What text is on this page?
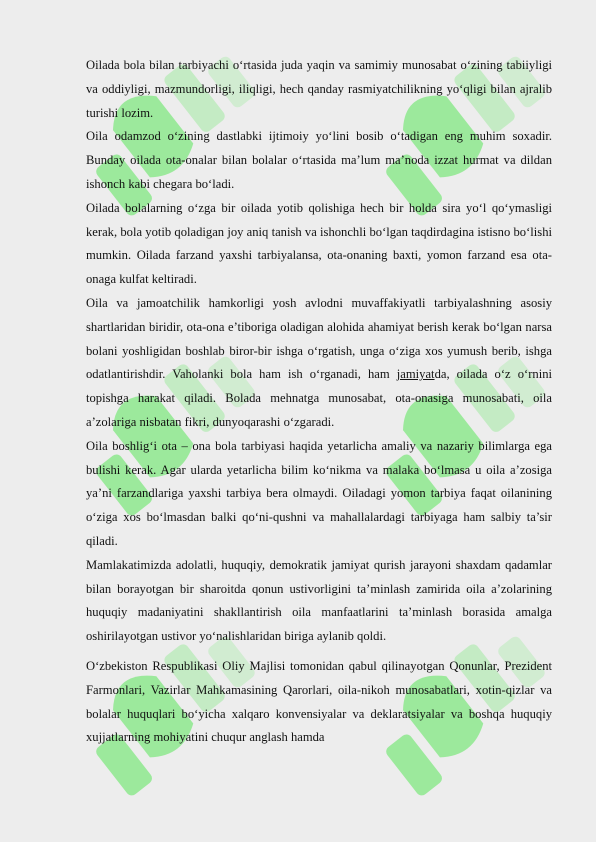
Oilada bola bilan tarbiyachi o‘rtasida juda yaqin va samimiy munosabat o‘zining tabiiyligi va oddiyligi, mazmundorligi, iliqligi, hech qanday rasmiyatchilikning yo‘qligi bilan ajralib turishi lozim.

Oila odamzod o‘zining dastlabki ijtimoiy yo‘lini bosib o‘tadigan eng muhim soxadir. Bunday oilada ota-onalar bilan bolalar o‘rtasida ma’lum ma’noda izzat hurmat va dildan ishonch kabi chegara bo‘ladi.

Oilada bolalarning o‘zga bir oilada yotib qolishiga hech bir holda sira yo‘l qo‘ymasligi kerak, bola yotib qoladigan joy aniq tanish va ishonchli bo‘lgan taqdirdagina istisno bo‘lishi mumkin. Oilada farzand yaxshi tarbiyalansa, ota-onaning baxti, yomon farzand esa ota-onaga kulfat keltiradi.

Oila va jamoatchilik hamkorligi yosh avlodni muvaffakiyatli tarbiyalashning asosiy shartlaridan biridir, ota-ona e’tiboriga oladigan alohida ahamiyat berish kerak bo‘lgan narsa bolani yoshligidan boshlab biror-bir ishga o‘rgatish, unga o‘ziga xos yumush berib, ishga odatlantirishdir. Vaholanki bola ham ish o‘rganadi, ham jamiyatda, oilada o‘z o‘rnini topishga harakat qiladi. Bolada mehnatga munosabat, ota-onasiga munosabati, oila a’zolariga nisbatan fikri, dunyoqarashi o‘zgaradi.

Oila boshlig‘i ota – ona bola tarbiyasi haqida yetarlicha amaliy va nazariy bilimlarga ega bulishi kerak. Agar ularda yetarlicha bilim ko‘nikma va malaka bo‘lmasa u oila a’zosiga ya’ni farzandlariga yaxshi tarbiya bera olmaydi. Oiladagi yomon tarbiya faqat oilanining o‘ziga xos bo‘lmasdan balki qo‘ni-qushni va mahallalardagi tarbiyaga ham salbiy ta’sir qiladi.

Mamlakatimizda adolatli, huquqiy, demokratik jamiyat qurish jarayoni shaxdam qadamlar bilan borayotgan bir sharoitda qonun ustivorligini ta’minlash zamirida oila a’zolarining huquqiy madaniyatini shakllantirish oila manfaatlarini ta’minlash borasida amalga oshirilayotgan ustivor yo‘nalishlaridan biriga aylanib qoldi.

O‘zbekiston Respublikasi Oliy Majlisi tomonidan qabul qilinayotgan Qonunlar, Prezident Farmonlari, Vazirlar Mahkamasining Qarorlari, oila-nikoh munosabatlari, xotin-qizlar va bolalar huquqlari bo‘yicha xalqaro konvensiyalar va deklaratsiyalar va boshqa huquqiy xujjatlarning mohiyatini chuqur anglash hamda
